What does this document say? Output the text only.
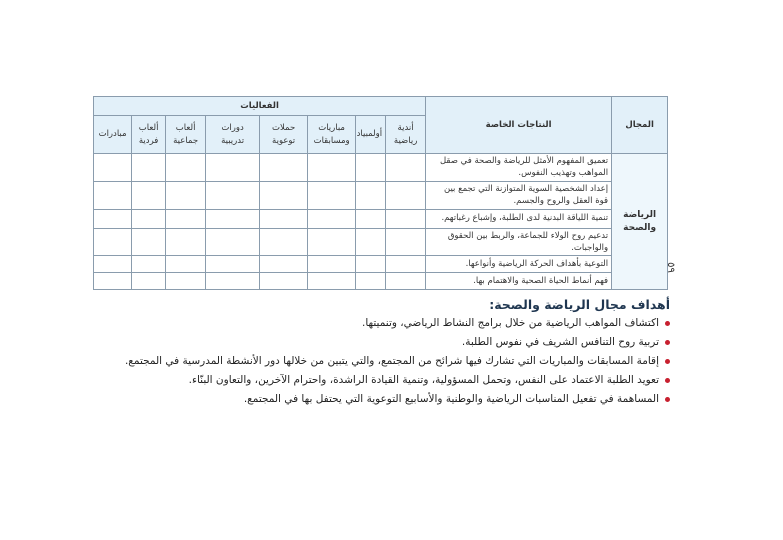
المجال	النتاجات الخاصة	الفعاليات							
		أندية رياضية	أولمبياد	مباريات ومسابقات	حملات توعوية	دورات تدريبية	ألعاب جماعية	ألعاب فردية	مبادرات
الرياضة والصحة	تعميق المفهوم الأمثل للرياضة والصحة في صقل المواهب وتهذيب النفوس.								
	إعداد الشخصية السوية المتوازنة التي تجمع بين قوة العقل والروح والجسم.								
	تنمية اللياقة البدنية لدى الطلبة، وإشباع رغباتهم.								
	تدعيم روح الولاء للجماعة، والربط بين الحقوق والواجبات.								
	التوعية بأهداف الحركة الرياضية وأنواعها.								
	فهم أنماط الحياة الصحية والاهتمام بها.								
٥٩
أهداف مجال الرياضة والصحة:
اكتشاف المواهب الرياضية من خلال برامج النشاط الرياضي، وتنميتها.
تربية روح التنافس الشريف في نفوس الطلبة.
إقامة المسابقات والمباريات التي تشارك فيها شرائح من المجتمع، والتي يتبين من خلالها دور الأنشطة المدرسية في المجتمع.
تعويد الطلبة الاعتماد على النفس، وتحمل المسؤولية، وتنمية القيادة الراشدة، واحترام الآخرين، والتعاون البنّاء.
المساهمة في تفعيل المناسبات الرياضية والوطنية والأسابيع التوعوية التي يحتفل بها في المجتمع.
